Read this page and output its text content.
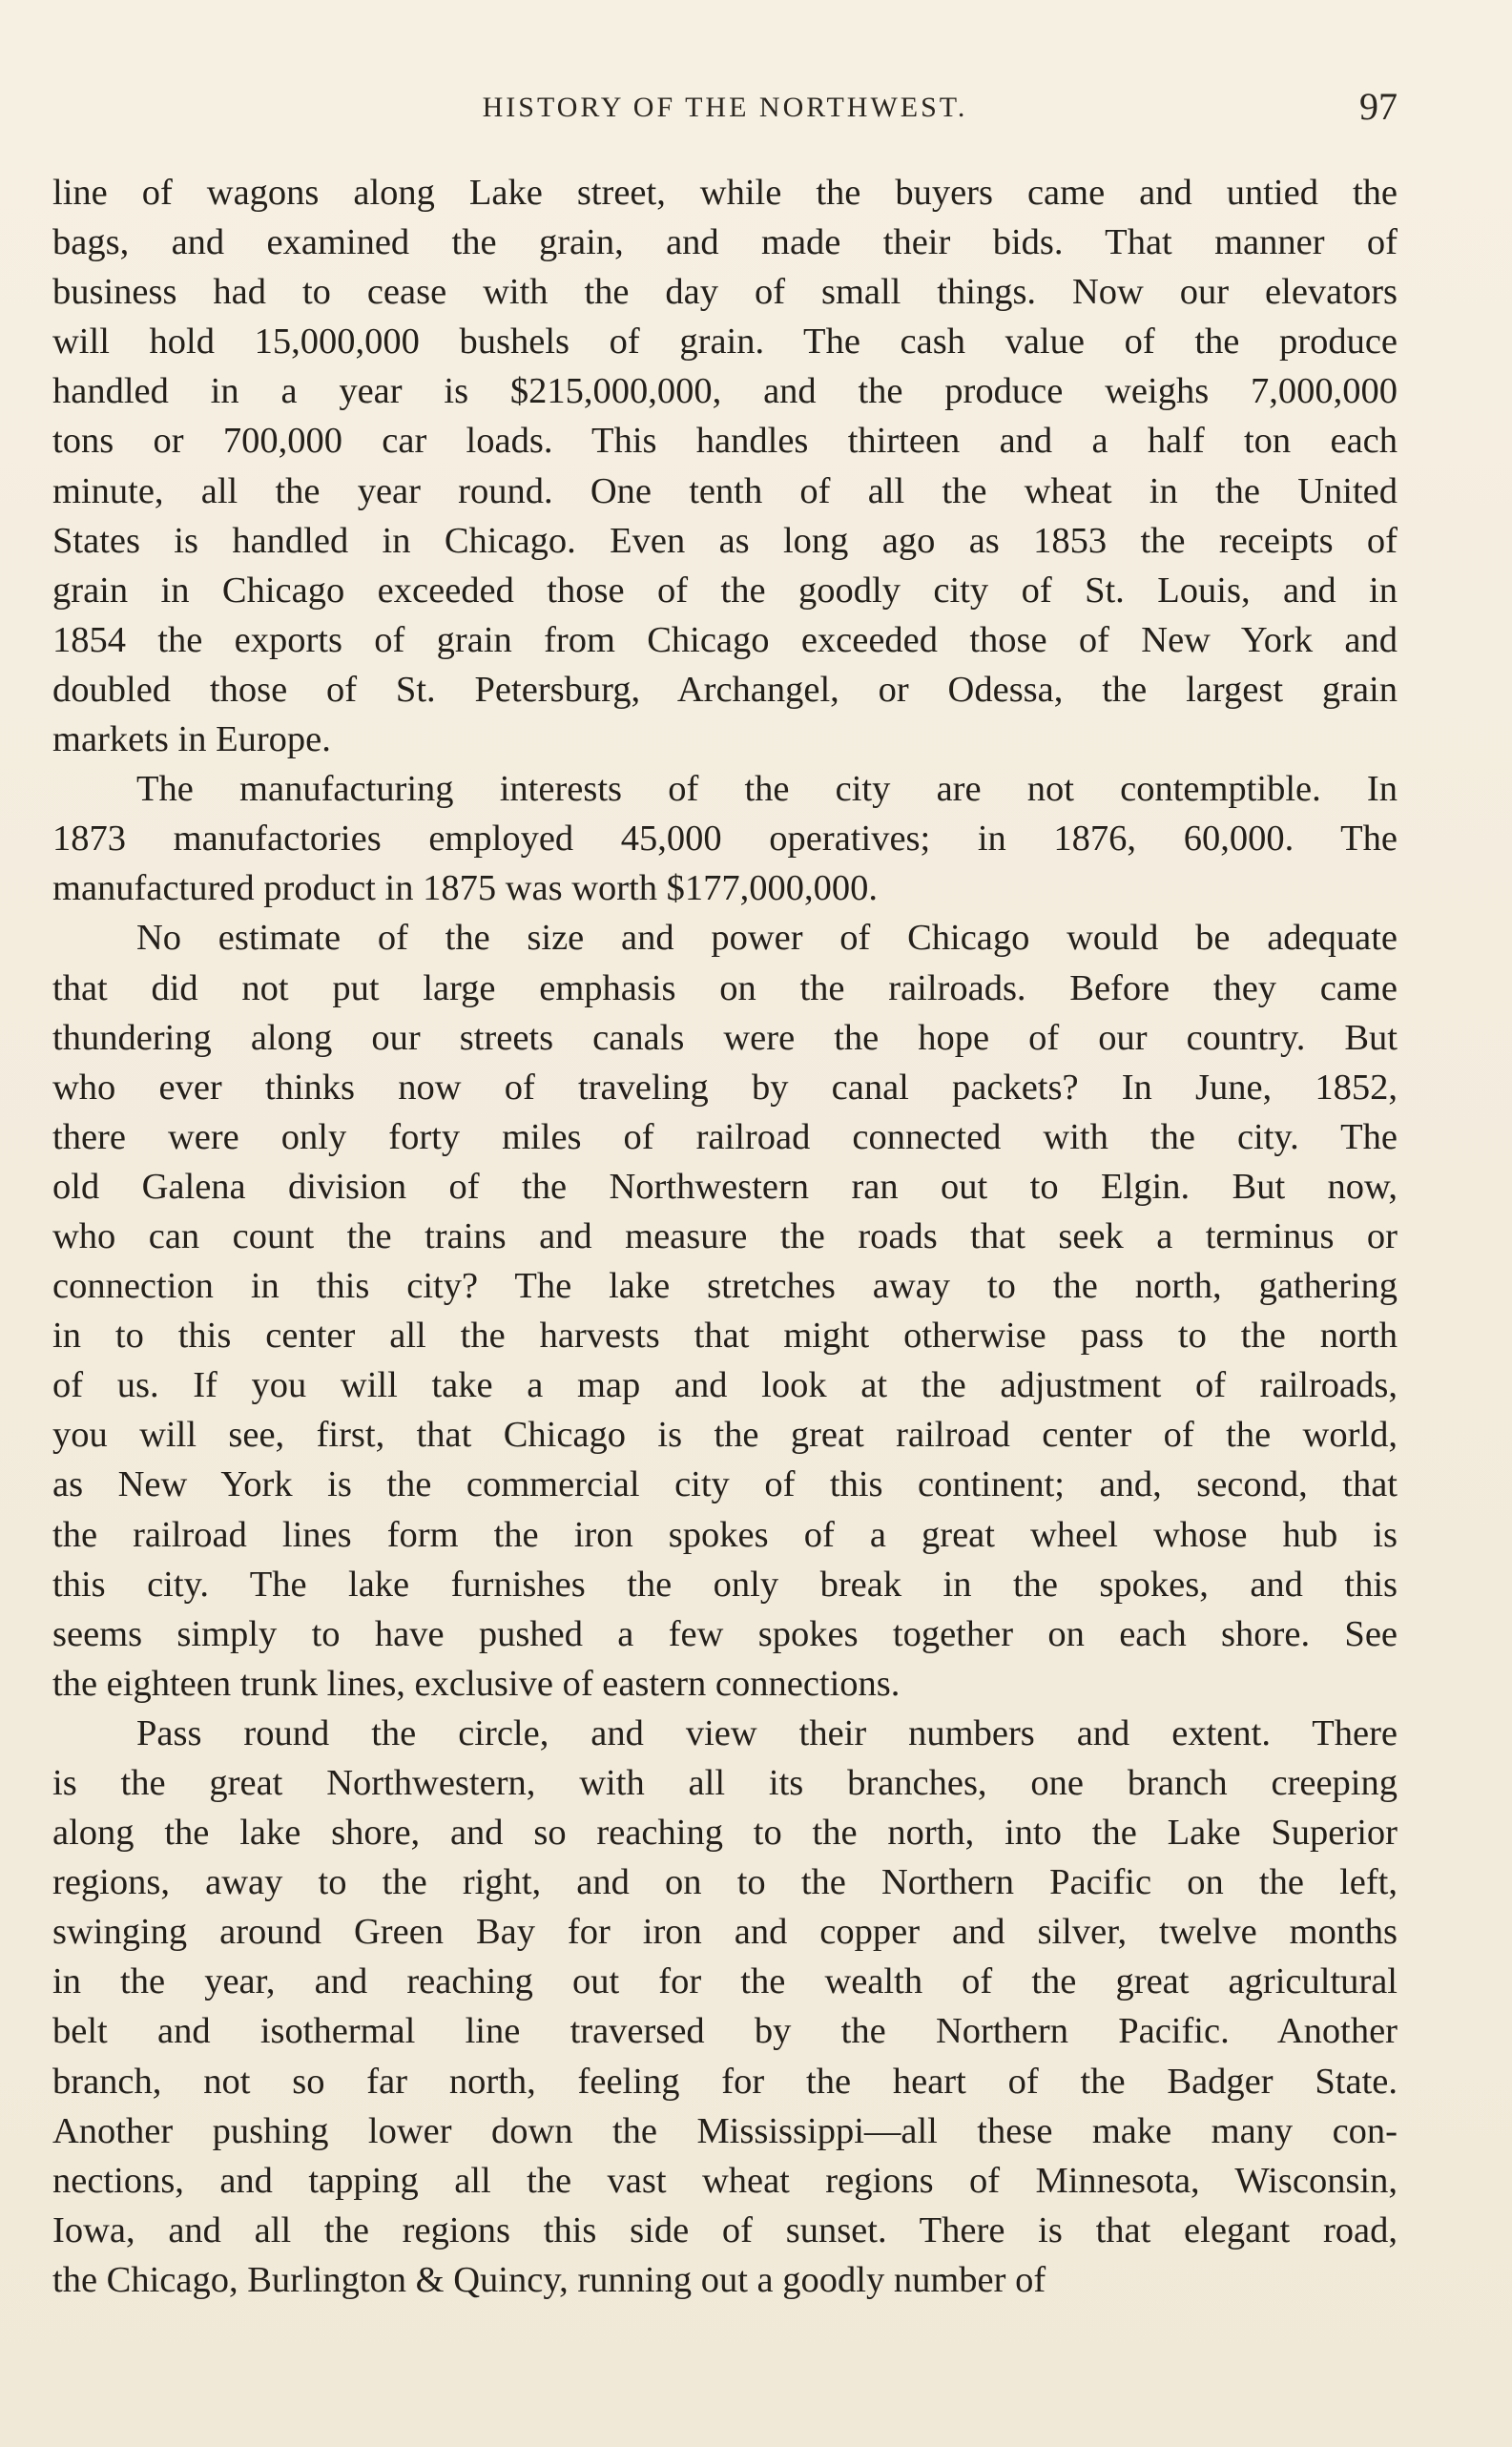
HISTORY OF THE NORTHWEST.	97

line of wagons along Lake street, while the buyers came and untied the
bags, and examined the grain, and made their bids. That manner of
business had to cease with the day of small things. Now our elevators
will hold 15,000,000 bushels of grain. The cash value of the produce
handled in a year is $215,000,000, and the produce weighs 7,000,000
tons or 700,000 car loads. This handles thirteen and a half ton each
minute, all the year round. One tenth of all the wheat in the United
States is handled in Chicago. Even as long ago as 1853 the receipts of
grain in Chicago exceeded those of the goodly city of St. Louis, and in
1854 the exports of grain from Chicago exceeded those of New York and
doubled those of St. Petersburg, Archangel, or Odessa, the largest grain
markets in Europe.

The manufacturing interests of the city are not contemptible. In
1873 manufactories employed 45,000 operatives; in 1876, 60,000. The
manufactured product in 1875 was worth $177,000,000.

No estimate of the size and power of Chicago would be adequate
that did not put large emphasis on the railroads. Before they came
thundering along our streets canals were the hope of our country. But
who ever thinks now of traveling by canal packets? In June, 1852,
there were only forty miles of railroad connected with the city. The
old Galena division of the Northwestern ran out to Elgin. But now,
who can count the trains and measure the roads that seek a terminus or
connection in this city? The lake stretches away to the north, gathering
in to this center all the harvests that might otherwise pass to the north
of us. If you will take a map and look at the adjustment of railroads,
you will see, first, that Chicago is the great railroad center of the world,
as New York is the commercial city of this continent; and, second, that
the railroad lines form the iron spokes of a great wheel whose hub is
this city. The lake furnishes the only break in the spokes, and this
seems simply to have pushed a few spokes together on each shore. See
the eighteen trunk lines, exclusive of eastern connections.

Pass round the circle, and view their numbers and extent. There
is the great Northwestern, with all its branches, one branch creeping
along the lake shore, and so reaching to the north, into the Lake Superior
regions, away to the right, and on to the Northern Pacific on the left,
swinging around Green Bay for iron and copper and silver, twelve months
in the year, and reaching out for the wealth of the great agricultural
belt and isothermal line traversed by the Northern Pacific. Another
branch, not so far north, feeling for the heart of the Badger State.
Another pushing lower down the Mississippi—all these make many con-
nections, and tapping all the vast wheat regions of Minnesota, Wisconsin,
Iowa, and all the regions this side of sunset. There is that elegant road,
the Chicago, Burlington & Quincy, running out a goodly number of
